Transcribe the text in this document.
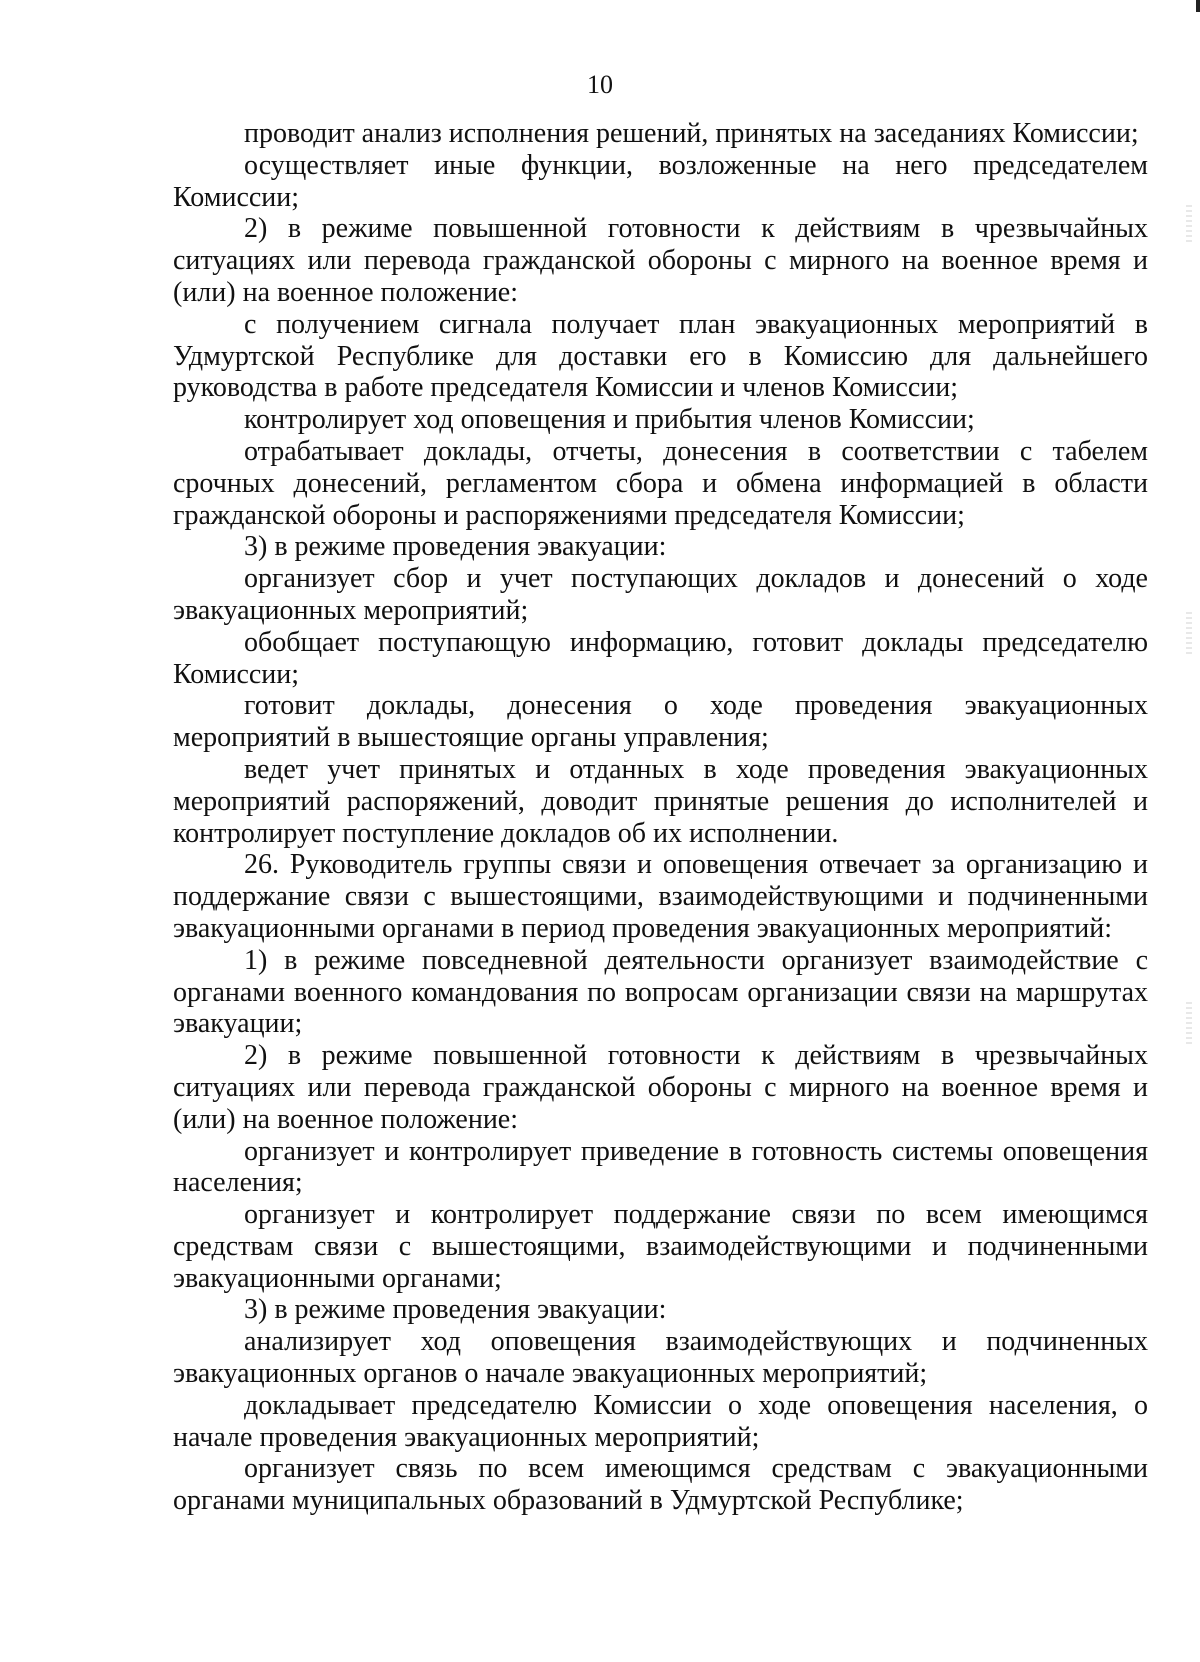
10

проводит анализ исполнения решений, принятых на заседаниях Комиссии;

осуществляет иные функции, возложенные на него председателем Комиссии;

2) в режиме повышенной готовности к действиям в чрезвычайных ситуациях или перевода гражданской обороны с мирного на военное время и (или) на военное положение:

с получением сигнала получает план эвакуационных мероприятий в Удмуртской Республике для доставки его в Комиссию для дальнейшего руководства в работе председателя Комиссии и членов Комиссии;

контролирует ход оповещения и прибытия членов Комиссии;

отрабатывает доклады, отчеты, донесения в соответствии с табелем срочных донесений, регламентом сбора и обмена информацией в области гражданской обороны и распоряжениями председателя Комиссии;

3) в режиме проведения эвакуации:

организует сбор и учет поступающих докладов и донесений о ходе эвакуационных мероприятий;

обобщает поступающую информацию, готовит доклады председателю Комиссии;

готовит доклады, донесения о ходе проведения эвакуационных мероприятий в вышестоящие органы управления;

ведет учет принятых и отданных в ходе проведения эвакуационных мероприятий распоряжений, доводит принятые решения до исполнителей и контролирует поступление докладов об их исполнении.

26. Руководитель группы связи и оповещения отвечает за организацию и поддержание связи с вышестоящими, взаимодействующими и подчиненными эвакуационными органами в период проведения эвакуационных мероприятий:

1) в режиме повседневной деятельности организует взаимодействие с органами военного командования по вопросам организации связи на маршрутах эвакуации;

2) в режиме повышенной готовности к действиям в чрезвычайных ситуациях или перевода гражданской обороны с мирного на военное время и (или) на военное положение:

организует и контролирует приведение в готовность системы оповещения населения;

организует и контролирует поддержание связи по всем имеющимся средствам связи с вышестоящими, взаимодействующими и подчиненными эвакуационными органами;

3) в режиме проведения эвакуации:

анализирует ход оповещения взаимодействующих и подчиненных эвакуационных органов о начале эвакуационных мероприятий;

докладывает председателю Комиссии о ходе оповещения населения, о начале проведения эвакуационных мероприятий;

организует связь по всем имеющимся средствам с эвакуационными органами муниципальных образований в Удмуртской Республике;
